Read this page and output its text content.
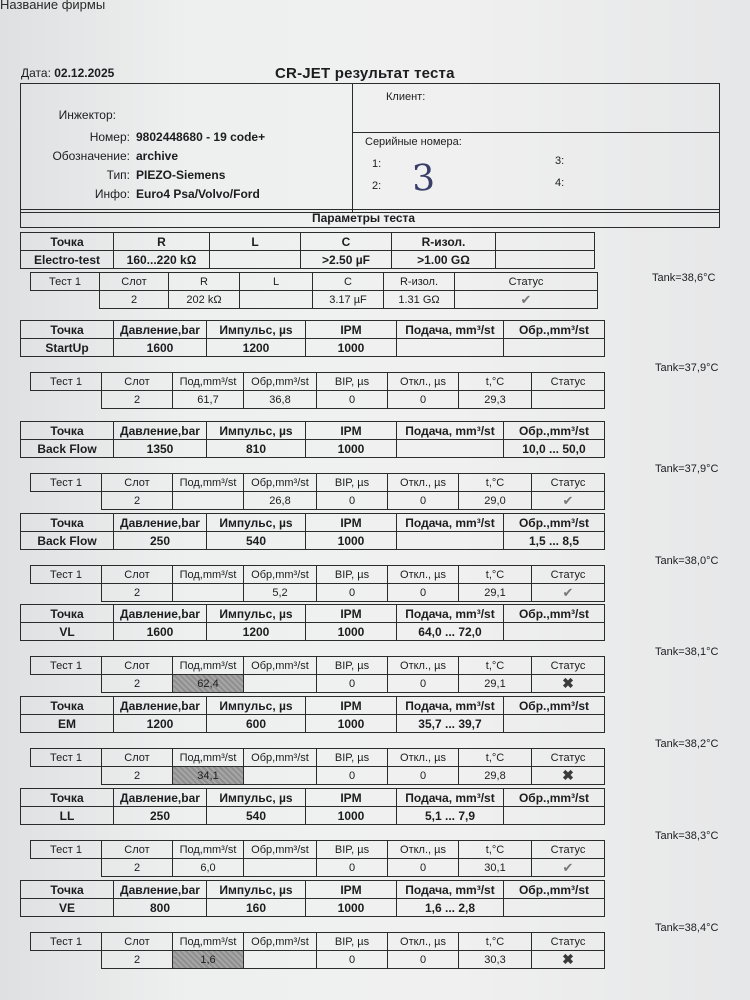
Название фирмы
Дата: 02.12.2025	CR-JET результат теста
Инжектор:
Номер: 9802448680 - 19 code+
Обозначение: archive
Тип: PIEZO-Siemens
Инфо: Euro4 Psa/Volvo/Ford
Клиент:
Серийные номера:
1:
2:
3:
4:
3
Параметры теста
Точка	R	L	C	R-изол.	
Electro-test	160...220 kΩ		>2.50 µF	>1.00 GΩ	
Тест 1	Слот	R	L	C	R-изол.	Статус
	2	202 kΩ		3.17 µF	1.31 GΩ	✔
Tank=38,6°C
Точка	Давление,bar	Импульс, µs	IPM	Подача, mm³/st	Обр.,mm³/st
StartUp	1600	1200	1000		
Тест 1	Слот	Под,mm³/st	Обр,mm³/st	BIP, µs	Откл., µs	t,°C	Статус
	2	61,7	36,8	0	0	29,3	
Tank=37,9°C
Точка	Давление,bar	Импульс, µs	IPM	Подача, mm³/st	Обр.,mm³/st
Back Flow	1350	810	1000		10,0 ... 50,0
Тест 1	Слот	Под,mm³/st	Обр,mm³/st	BIP, µs	Откл., µs	t,°C	Статус
	2		26,8	0	0	29,0	✔
Tank=37,9°C
Точка	Давление,bar	Импульс, µs	IPM	Подача, mm³/st	Обр.,mm³/st
Back Flow	250	540	1000		1,5 ... 8,5
Тест 1	Слот	Под,mm³/st	Обр,mm³/st	BIP, µs	Откл., µs	t,°C	Статус
	2		5,2	0	0	29,1	✔
Tank=38,0°C
Точка	Давление,bar	Импульс, µs	IPM	Подача, mm³/st	Обр.,mm³/st
VL	1600	1200	1000	64,0 ... 72,0	
Тест 1	Слот	Под,mm³/st	Обр,mm³/st	BIP, µs	Откл., µs	t,°C	Статус
	2	62,4		0	0	29,1	✖
Tank=38,1°C
Точка	Давление,bar	Импульс, µs	IPM	Подача, mm³/st	Обр.,mm³/st
EM	1200	600	1000	35,7 ... 39,7	
Тест 1	Слот	Под,mm³/st	Обр,mm³/st	BIP, µs	Откл., µs	t,°C	Статус
	2	34,1		0	0	29,8	✖
Tank=38,2°C
Точка	Давление,bar	Импульс, µs	IPM	Подача, mm³/st	Обр.,mm³/st
LL	250	540	1000	5,1 ... 7,9	
Тест 1	Слот	Под,mm³/st	Обр,mm³/st	BIP, µs	Откл., µs	t,°C	Статус
	2	6,0		0	0	30,1	✔
Tank=38,3°C
Точка	Давление,bar	Импульс, µs	IPM	Подача, mm³/st	Обр.,mm³/st
VE	800	160	1000	1,6 ... 2,8	
Тест 1	Слот	Под,mm³/st	Обр,mm³/st	BIP, µs	Откл., µs	t,°C	Статус
	2	1,6		0	0	30,3	✖
Tank=38,4°C
